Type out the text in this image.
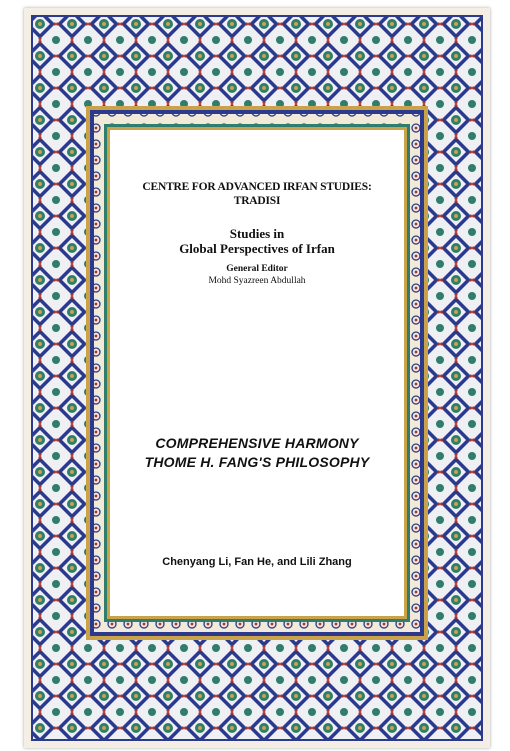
CENTRE FOR ADVANCED IRFAN STUDIES:
TRADISI
Studies in
Global Perspectives of Irfan
General Editor
Mohd Syazreen Abdullah
COMPREHENSIVE HARMONY
THOME H. FANG'S PHILOSOPHY
Chenyang Li, Fan He, and Lili Zhang
